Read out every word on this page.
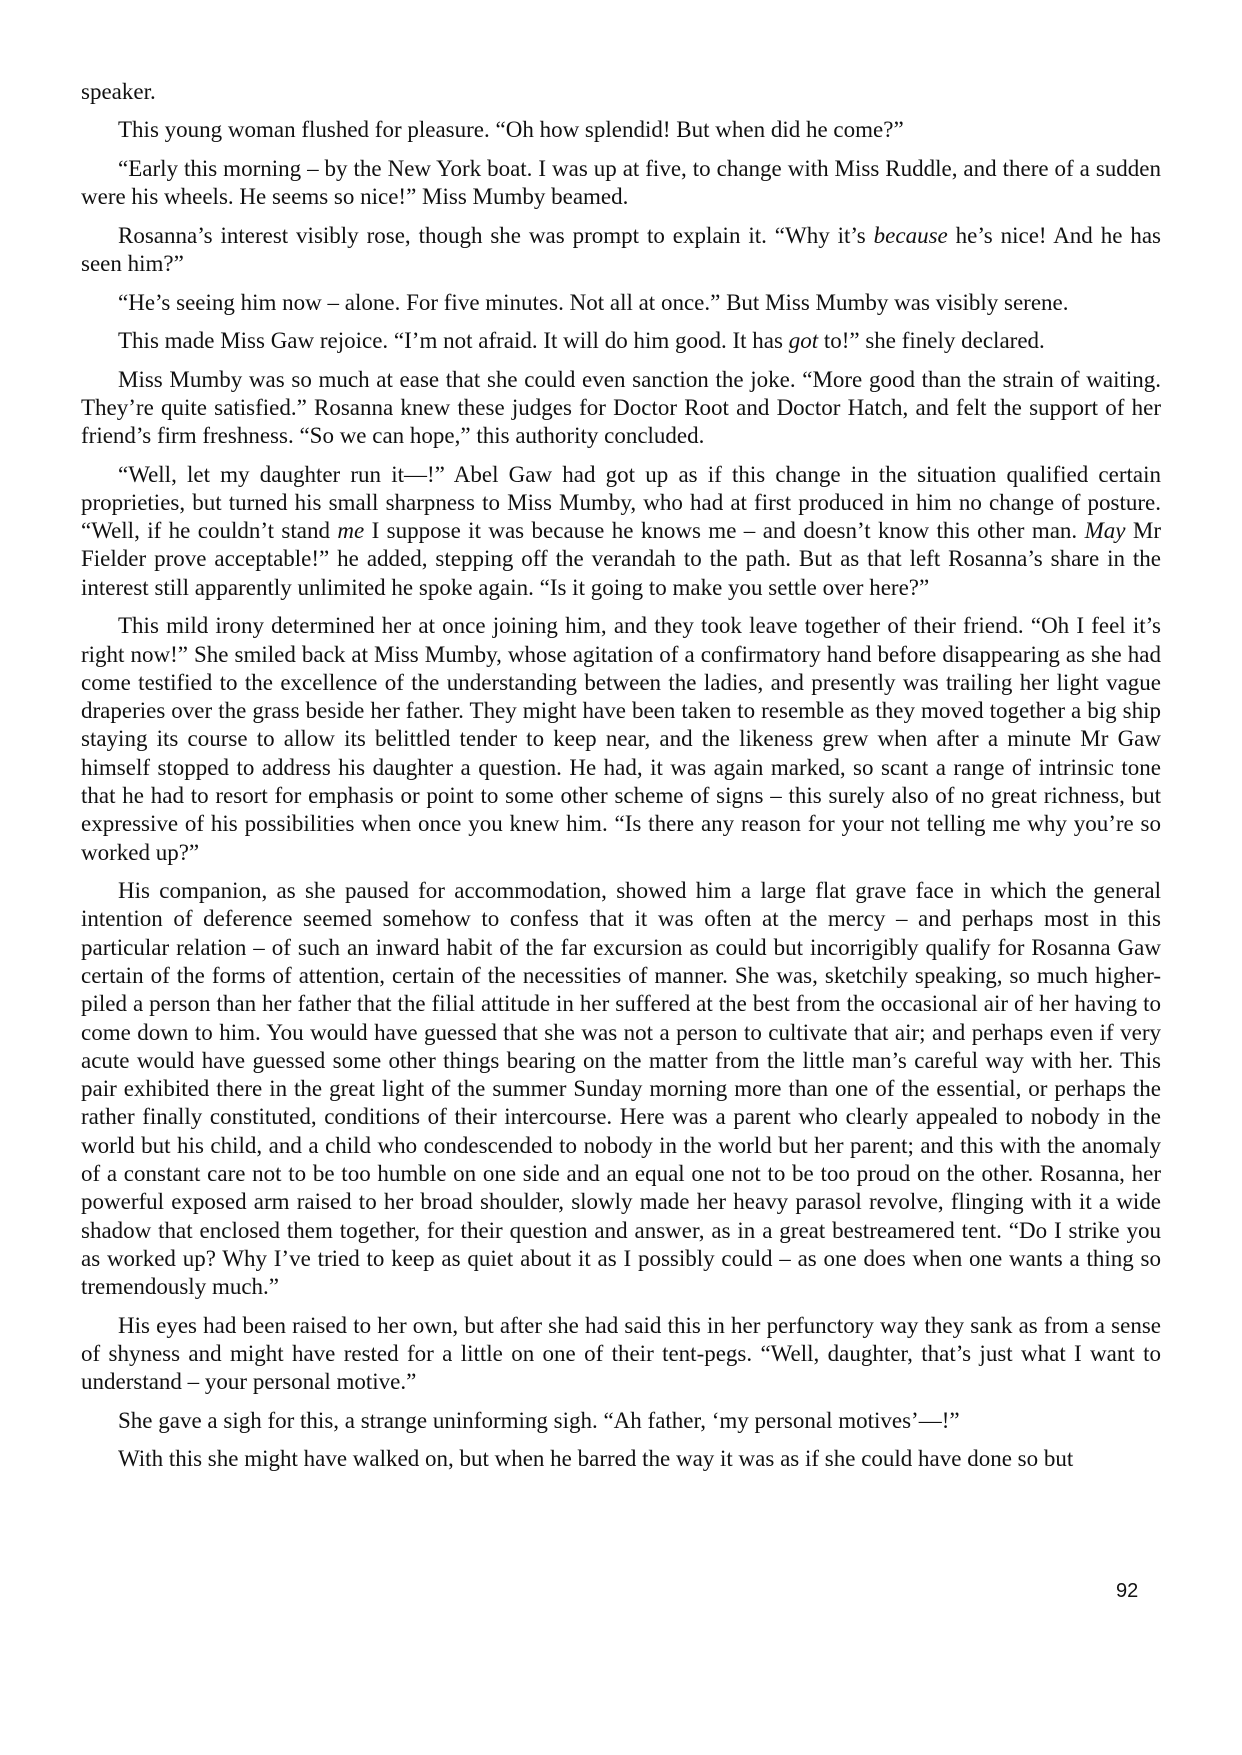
speaker.

This young woman flushed for pleasure. “Oh how splendid! But when did he come?”

“Early this morning – by the New York boat. I was up at five, to change with Miss Ruddle, and there of a sudden were his wheels. He seems so nice!” Miss Mumby beamed.

Rosanna’s interest visibly rose, though she was prompt to explain it. “Why it’s because he’s nice! And he has seen him?”

“He’s seeing him now – alone. For five minutes. Not all at once.” But Miss Mumby was visibly serene.

This made Miss Gaw rejoice. “I’m not afraid. It will do him good. It has got to!” she finely declared.

Miss Mumby was so much at ease that she could even sanction the joke. “More good than the strain of waiting. They’re quite satisfied.” Rosanna knew these judges for Doctor Root and Doctor Hatch, and felt the support of her friend’s firm freshness. “So we can hope,” this authority concluded.

“Well, let my daughter run it—!” Abel Gaw had got up as if this change in the situation qualified certain proprieties, but turned his small sharpness to Miss Mumby, who had at first produced in him no change of posture. “Well, if he couldn’t stand me I suppose it was because he knows me – and doesn’t know this other man. May Mr Fielder prove acceptable!” he added, stepping off the verandah to the path. But as that left Rosanna’s share in the interest still apparently unlimited he spoke again. “Is it going to make you settle over here?”

This mild irony determined her at once joining him, and they took leave together of their friend. “Oh I feel it’s right now!” She smiled back at Miss Mumby, whose agitation of a confirmatory hand before disappearing as she had come testified to the excellence of the understanding between the ladies, and presently was trailing her light vague draperies over the grass beside her father. They might have been taken to resemble as they moved together a big ship staying its course to allow its belittled tender to keep near, and the likeness grew when after a minute Mr Gaw himself stopped to address his daughter a question. He had, it was again marked, so scant a range of intrinsic tone that he had to resort for emphasis or point to some other scheme of signs – this surely also of no great richness, but expressive of his possibilities when once you knew him. “Is there any reason for your not telling me why you’re so worked up?”

His companion, as she paused for accommodation, showed him a large flat grave face in which the general intention of deference seemed somehow to confess that it was often at the mercy – and perhaps most in this particular relation – of such an inward habit of the far excursion as could but incorrigibly qualify for Rosanna Gaw certain of the forms of attention, certain of the necessities of manner. She was, sketchily speaking, so much higher-piled a person than her father that the filial attitude in her suffered at the best from the occasional air of her having to come down to him. You would have guessed that she was not a person to cultivate that air; and perhaps even if very acute would have guessed some other things bearing on the matter from the little man’s careful way with her. This pair exhibited there in the great light of the summer Sunday morning more than one of the essential, or perhaps the rather finally constituted, conditions of their intercourse. Here was a parent who clearly appealed to nobody in the world but his child, and a child who condescended to nobody in the world but her parent; and this with the anomaly of a constant care not to be too humble on one side and an equal one not to be too proud on the other. Rosanna, her powerful exposed arm raised to her broad shoulder, slowly made her heavy parasol revolve, flinging with it a wide shadow that enclosed them together, for their question and answer, as in a great bestreamered tent. “Do I strike you as worked up? Why I’ve tried to keep as quiet about it as I possibly could – as one does when one wants a thing so tremendously much.”

His eyes had been raised to her own, but after she had said this in her perfunctory way they sank as from a sense of shyness and might have rested for a little on one of their tent-pegs. “Well, daughter, that’s just what I want to understand – your personal motive.”

She gave a sigh for this, a strange uninforming sigh. “Ah father, ‘my personal motives’—!”

With this she might have walked on, but when he barred the way it was as if she could have done so but

92
